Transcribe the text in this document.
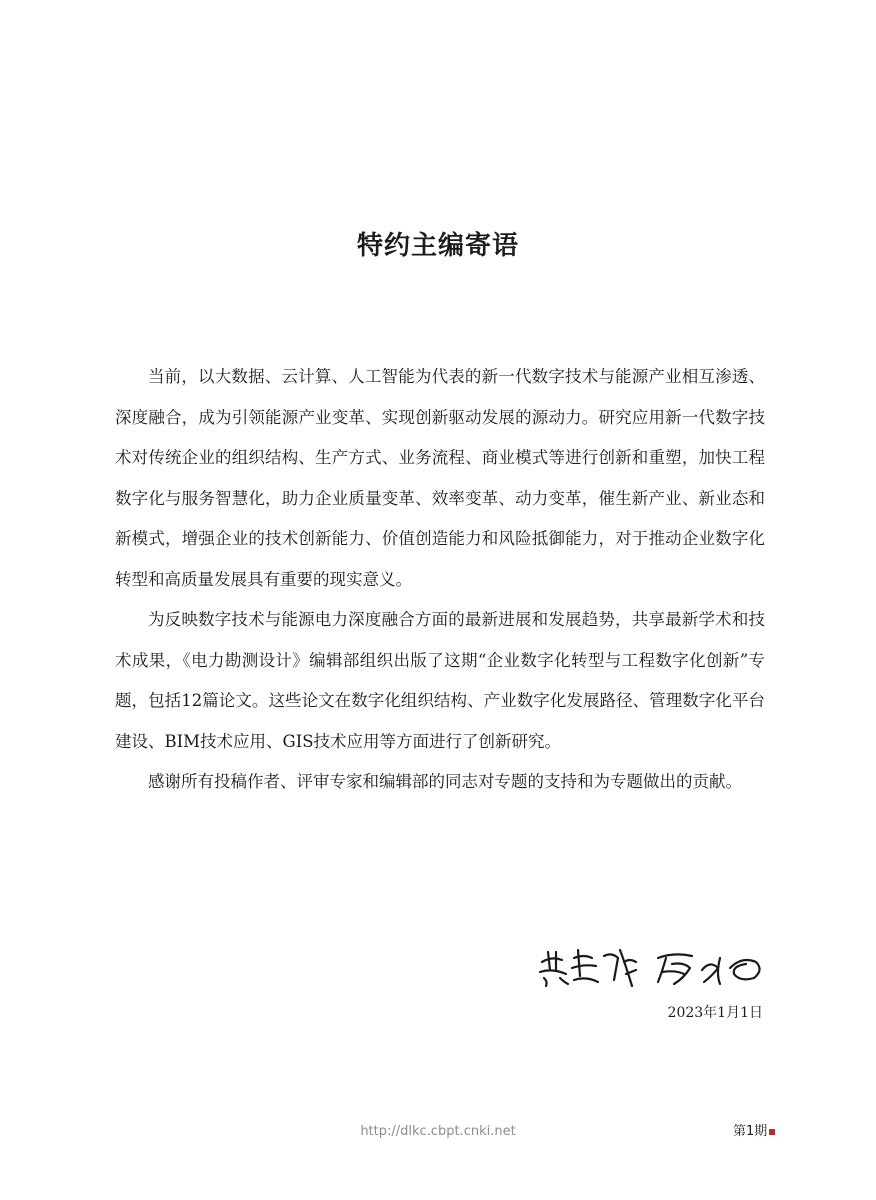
特约主编寄语

当前，以大数据、云计算、人工智能为代表的新一代数字技术与能源产业相互渗透、深度融合，成为引领能源产业变革、实现创新驱动发展的源动力。研究应用新一代数字技术对传统企业的组织结构、生产方式、业务流程、商业模式等进行创新和重塑，加快工程数字化与服务智慧化，助力企业质量变革、效率变革、动力变革，催生新产业、新业态和新模式，增强企业的技术创新能力、价值创造能力和风险抵御能力，对于推动企业数字化转型和高质量发展具有重要的现实意义。

为反映数字技术与能源电力深度融合方面的最新进展和发展趋势，共享最新学术和技术成果，《电力勘测设计》编辑部组织出版了这期“企业数字化转型与工程数字化创新”专题，包括12篇论文。这些论文在数字化组织结构、产业数字化发展路径、管理数字化平台建设、BIM技术应用、GIS技术应用等方面进行了创新研究。

感谢所有投稿作者、评审专家和编辑部的同志对专题的支持和为专题做出的贡献。

2023年1月1日
http://dlkc.cbpt.cnki.net	第1期
